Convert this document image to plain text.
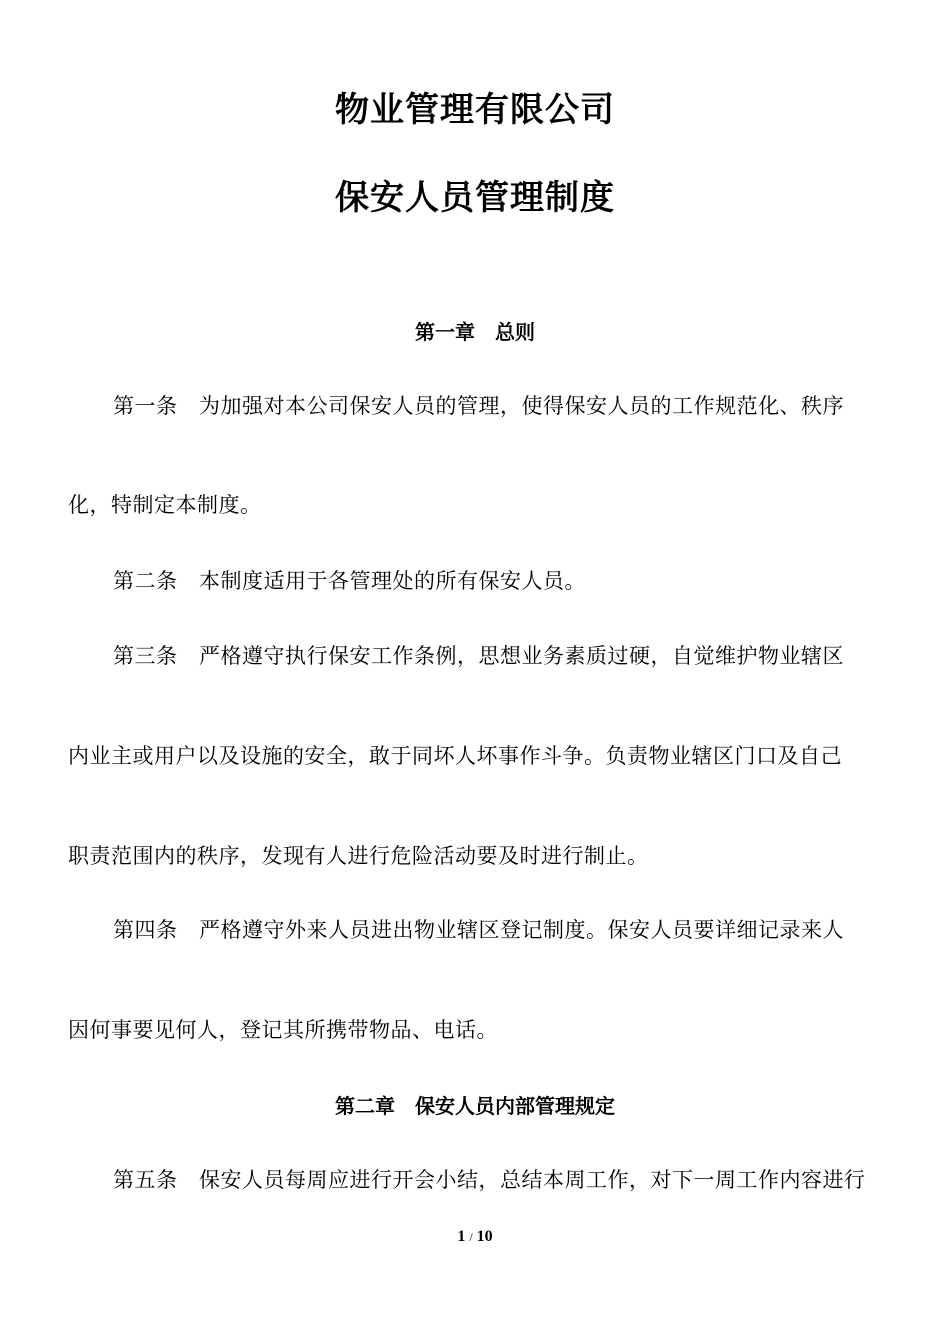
物业管理有限公司
保安人员管理制度
第一章　总则
第一条　为加强对本公司保安人员的管理，使得保安人员的工作规范化、秩序
化，特制定本制度。
第二条　本制度适用于各管理处的所有保安人员。
第三条　严格遵守执行保安工作条例，思想业务素质过硬，自觉维护物业辖区
内业主或用户以及设施的安全，敢于同坏人坏事作斗争。负责物业辖区门口及自己
职责范围内的秩序，发现有人进行危险活动要及时进行制止。
第四条　严格遵守外来人员进出物业辖区登记制度。保安人员要详细记录来人
因何事要见何人，登记其所携带物品、电话。
第二章　保安人员内部管理规定
第五条　保安人员每周应进行开会小结，总结本周工作，对下一周工作内容进行
1 / 10
